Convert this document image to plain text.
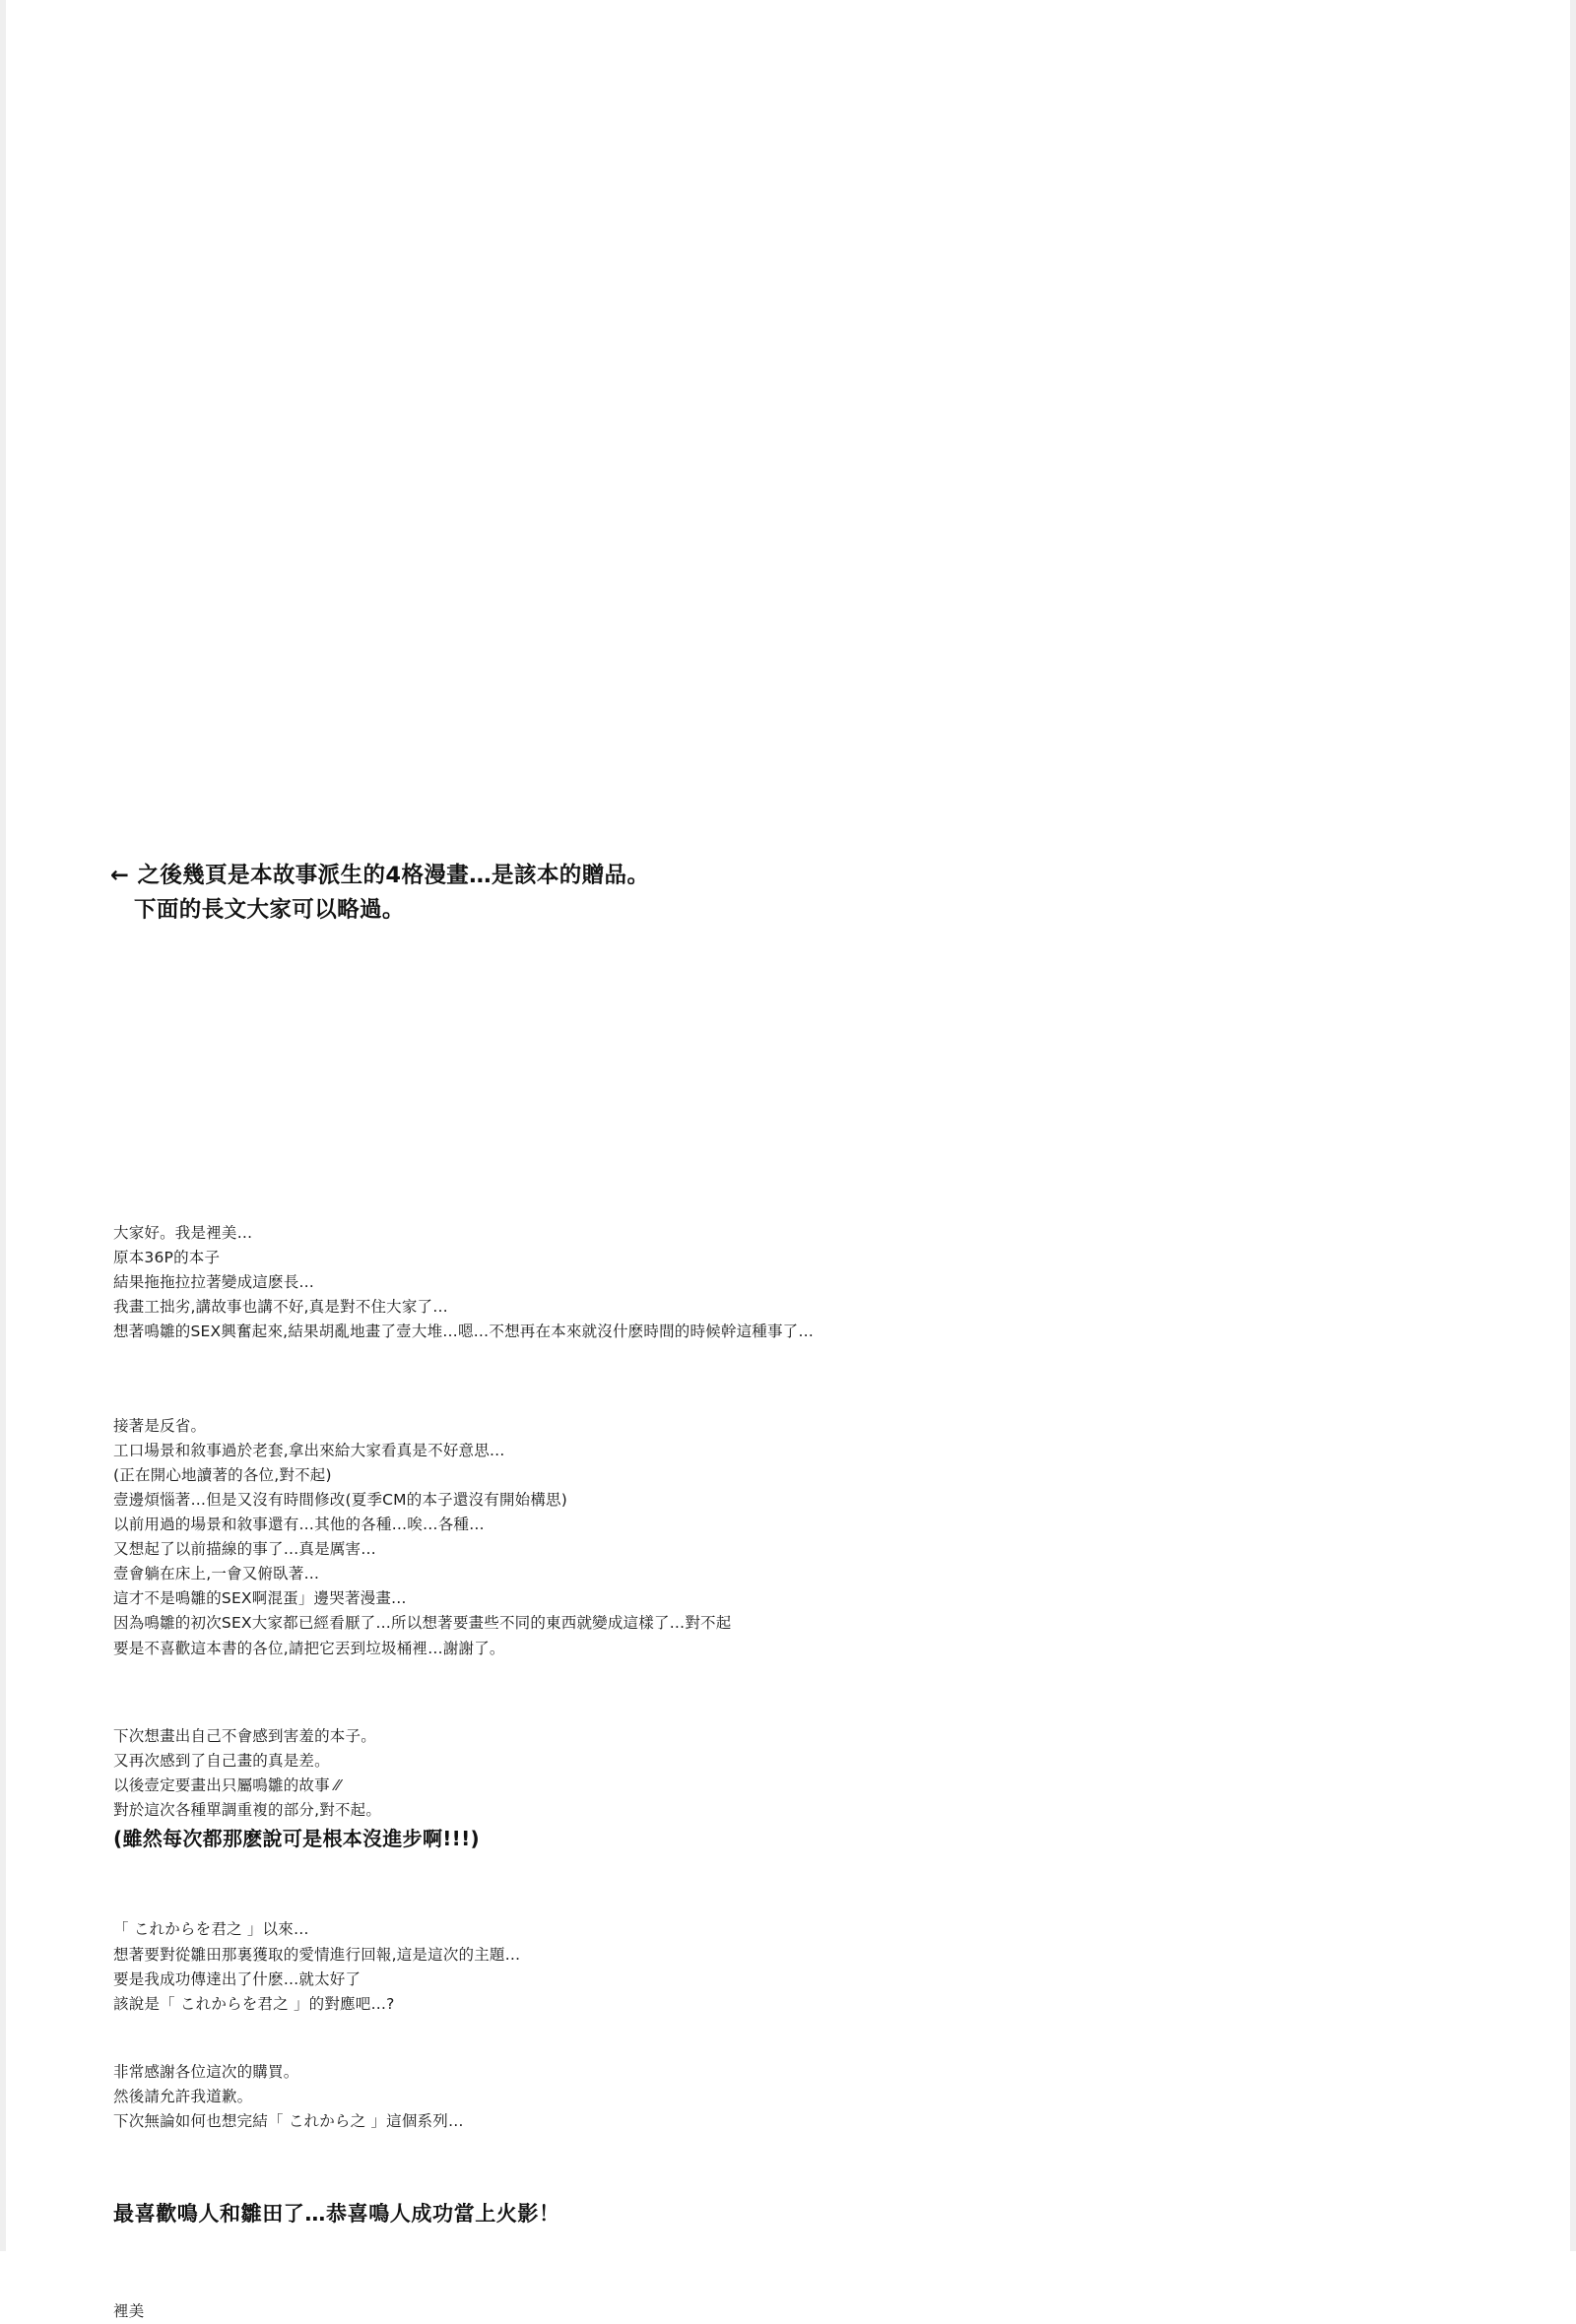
← 之後幾頁是本故事派生的4格漫畫…是該本的贈品。
下面的長文大家可以略過。
大家好。我是裡美…
原本36P的本子
結果拖拖拉拉著變成這麽長…
我畫工拙劣,講故事也講不好,真是對不住大家了…
想著鳴雛的SEX興奮起來,結果胡亂地畫了壹大堆…嗯…不想再在本來就沒什麽時間的時候幹這種事了…
接著是反省。
工口場景和敘事過於老套,拿出來給大家看真是不好意思…
(正在開心地讀著的各位,對不起)
壹邊煩惱著…但是又沒有時間修改(夏季CM的本子還沒有開始構思)
以前用過的場景和敘事還有…其他的各種…唉…各種…
又想起了以前描線的事了…真是厲害…
壹會躺在床上,一會又俯臥著…
這才不是鳴雛的SEX啊混蛋」邊哭著漫畫…
因為鳴雛的初次SEX大家都已經看厭了…所以想著要畫些不同的東西就變成這樣了…對不起
要是不喜歡這本書的各位,請把它丟到垃圾桶裡…謝謝了。
下次想畫出自己不會感到害羞的本子。
又再次感到了自己畫的真是差。
以後壹定要畫出只屬鳴雛的故事 ⁄⁄
對於這次各種單調重複的部分,對不起。
(雖然每次都那麽說可是根本沒進步啊!!!)
「 これからを君之 」以來…
想著要對從雛田那裏獲取的愛情進行回報,這是這次的主題…
要是我成功傳達出了什麽…就太好了
該說是「 これからを君之 」的對應吧…?
非常感謝各位這次的購買。
然後請允許我道歉。
下次無論如何也想完結「 これから之 」這個系列…
最喜歡鳴人和雛田了…恭喜鳴人成功當上火影！
裡美
